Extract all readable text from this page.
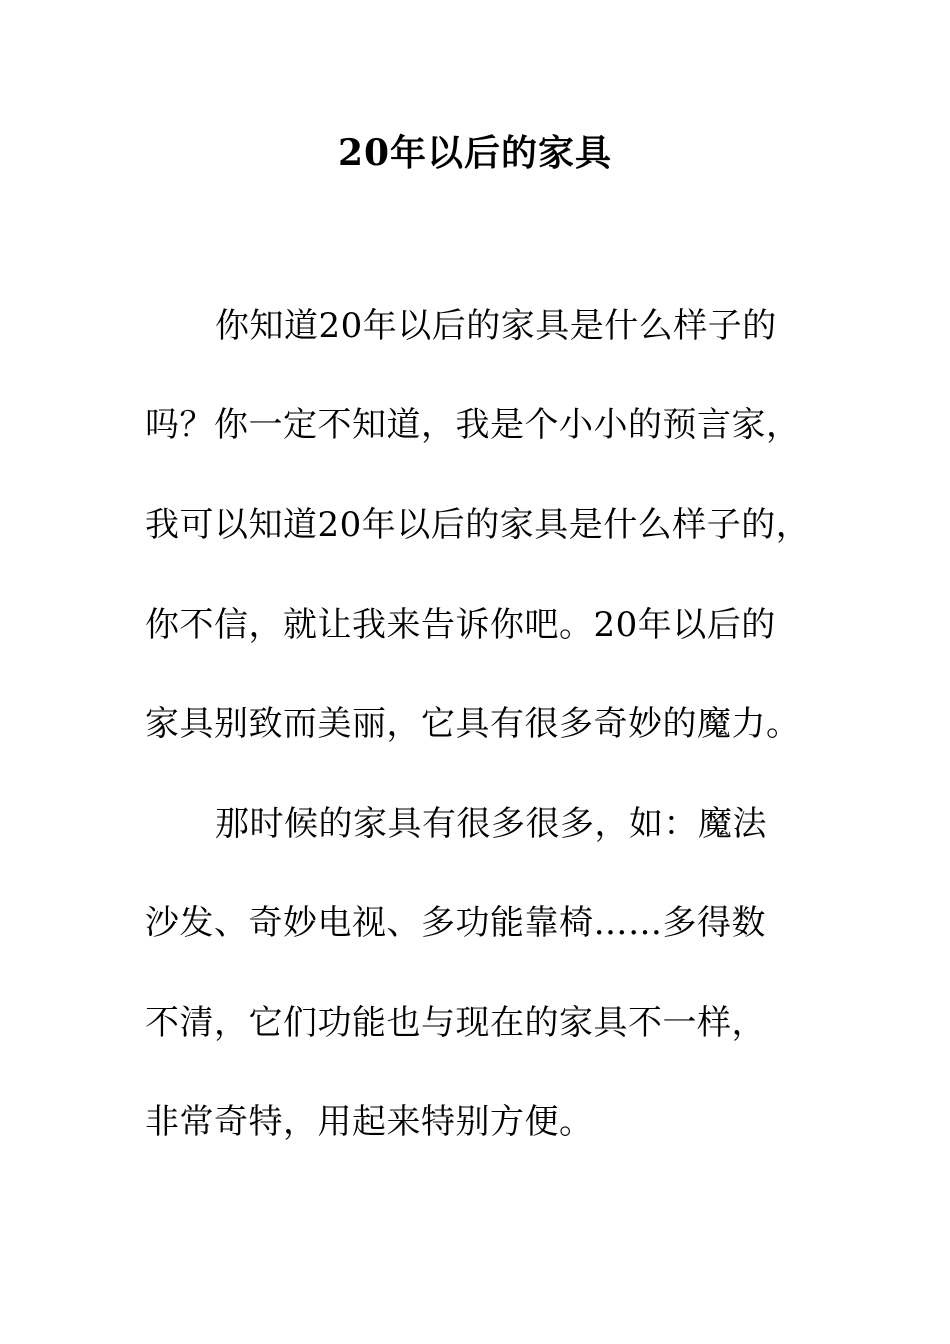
20年以后的家具
你知道20年以后的家具是什么样子的
吗？你一定不知道，我是个小小的预言家，
我可以知道20年以后的家具是什么样子的，
你不信，就让我来告诉你吧。20年以后的
家具别致而美丽，它具有很多奇妙的魔力。
那时候的家具有很多很多，如：魔法
沙发、奇妙电视、多功能靠椅……多得数
不清，它们功能也与现在的家具不一样，
非常奇特，用起来特别方便。
